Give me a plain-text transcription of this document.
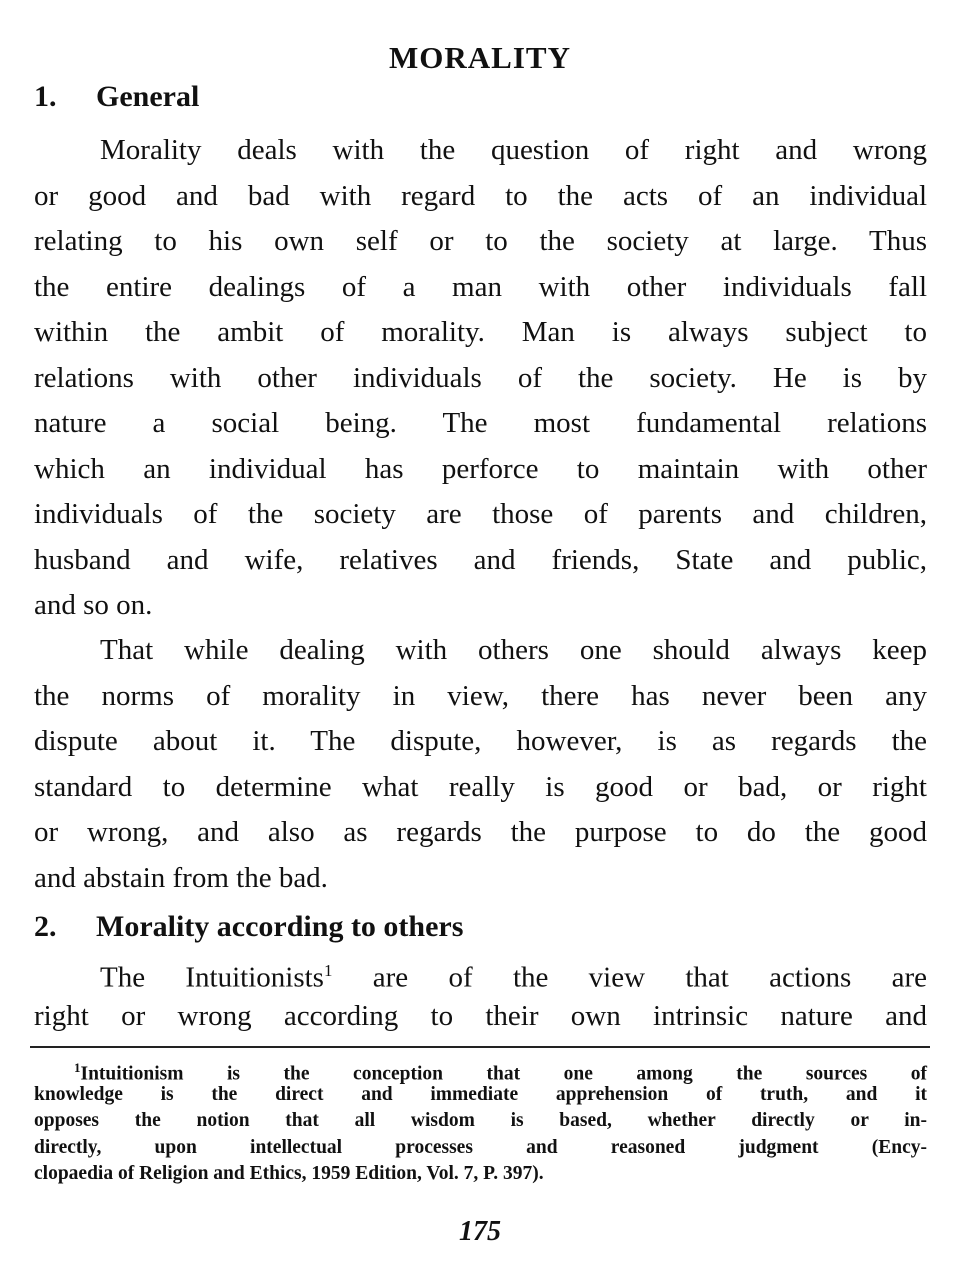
MORALITY
1. General
Morality deals with the question of right and wrong
or good and bad with regard to the acts of an individual
relating to his own self or to the society at large. Thus
the entire dealings of a man with other individuals fall
within the ambit of morality. Man is always subject to
relations with other individuals of the society. He is by
nature a social being. The most fundamental relations
which an individual has perforce to maintain with other
individuals of the society are those of parents and children,
husband and wife, relatives and friends, State and public,
and so on.
That while dealing with others one should always keep
the norms of morality in view, there has never been any
dispute about it. The dispute, however, is as regards the
standard to determine what really is good or bad, or right
or wrong, and also as regards the purpose to do the good
and abstain from the bad.
2. Morality according to others
The Intuitionists$^1$ are of the view that actions are
right or wrong according to their own intrinsic nature and
$^1$Intuitionism is the conception that one among the sources of
knowledge is the direct and immediate apprehension of truth, and it
opposes the notion that all wisdom is based, whether directly or in-
directly, upon intellectual processes and reasoned judgment (Ency-
clopaedia of Religion and Ethics, 1959 Edition, Vol. 7, P. 397).
175
